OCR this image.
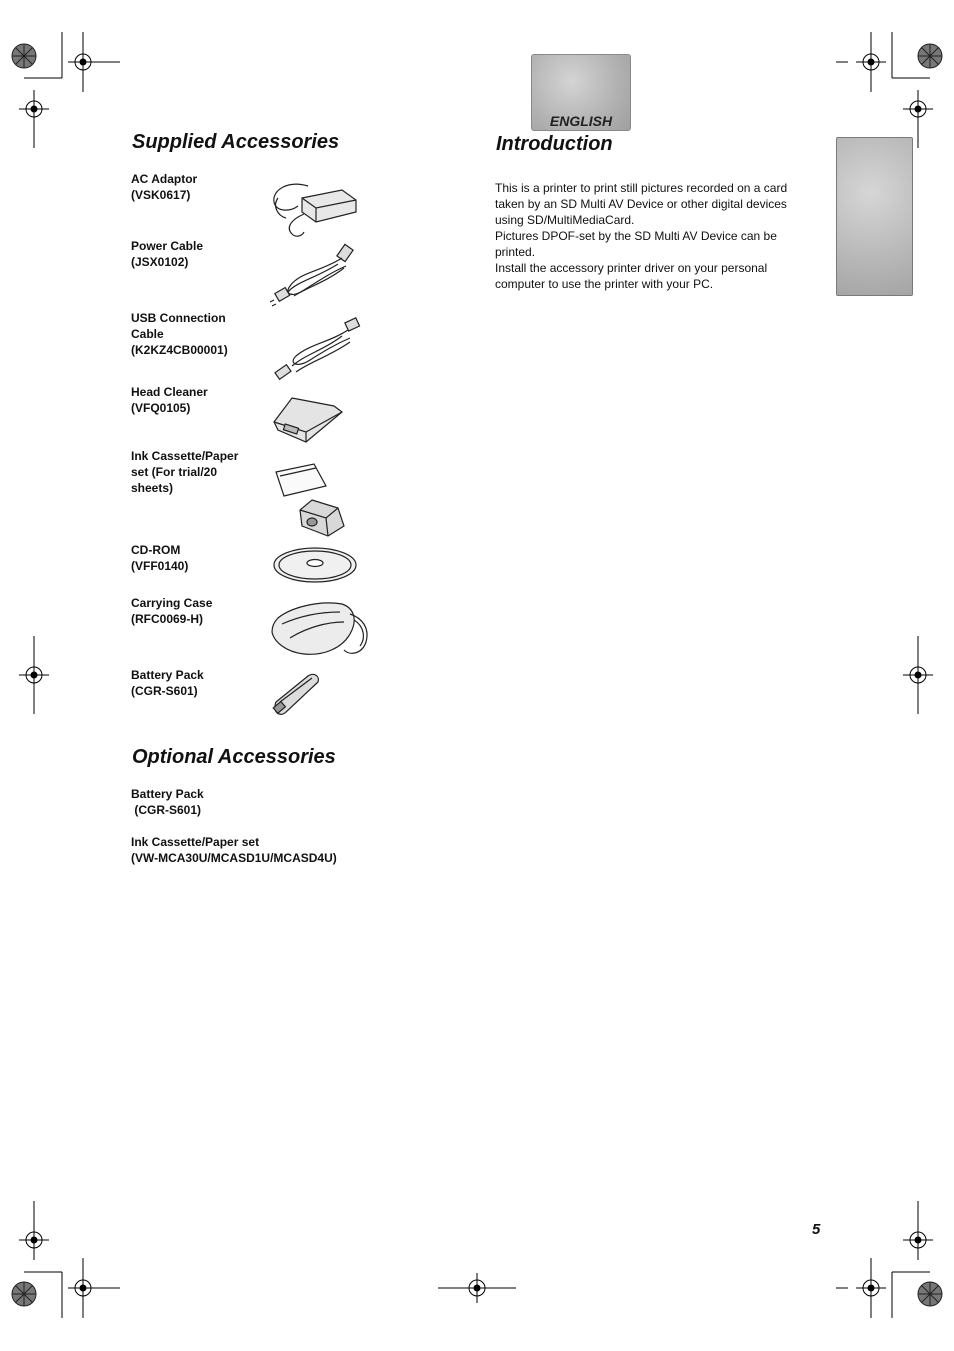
ENGLISH
Supplied Accessories
AC Adaptor
(VSK0617)
Power Cable
(JSX0102)
USB Connection
Cable
(K2KZ4CB00001)
Head Cleaner
(VFQ0105)
Ink Cassette/Paper
set (For trial/20
sheets)
CD-ROM
(VFF0140)
Carrying Case
(RFC0069-H)
Battery Pack
(CGR-S601)
Optional Accessories
Battery Pack
(CGR-S601)
Ink Cassette/Paper set
(VW-MCA30U/MCASD1U/MCASD4U)
Introduction

This is a printer to print still pictures recorded on a card taken by an SD Multi AV Device or other digital devices using SD/MultiMediaCard.

Pictures DPOF-set by the SD Multi AV Device can be printed.

Install the accessory printer driver on your personal computer to use the printer with your PC.

5
